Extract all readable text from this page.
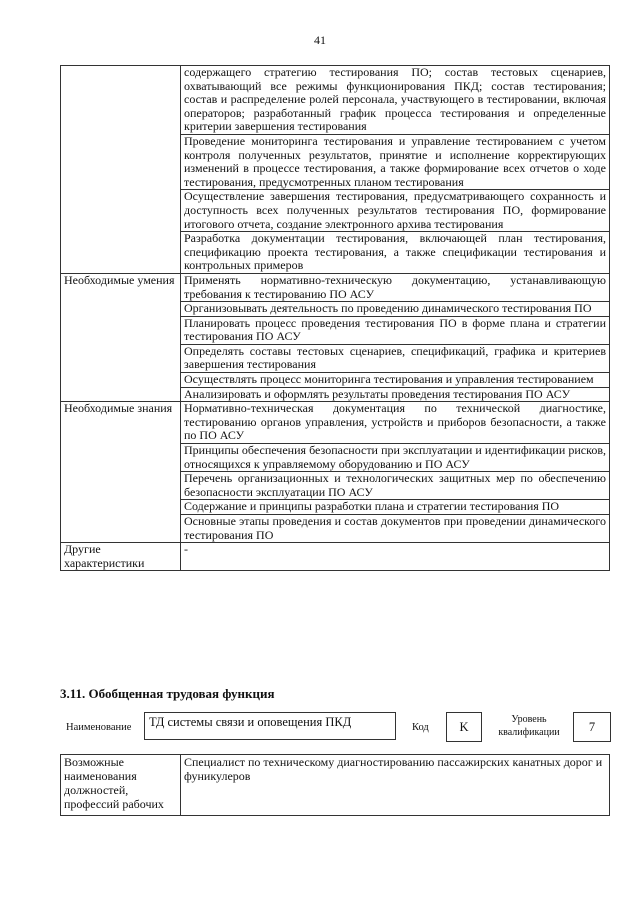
41
	содержащего стратегию тестирования ПО; состав тестовых сценариев, охватывающий все режимы функционирования ПКД; состав тестирования; состав и распределение ролей персонала, участвующего в тестировании, включая операторов; разработанный график процесса тестирования и определенные критерии завершения тестирования
	Проведение мониторинга тестирования и управление тестированием с учетом контроля полученных результатов, принятие и исполнение корректирующих изменений в процессе тестирования, а также формирование всех отчетов о ходе тестирования, предусмотренных планом тестирования
	Осуществление завершения тестирования, предусматривающего сохранность и доступность всех полученных результатов тестирования ПО, формирование итогового отчета, создание электронного архива тестирования
	Разработка документации тестирования, включающей план тестирования, спецификацию проекта тестирования, а также спецификации тестирования и контрольных примеров
Необходимые умения	Применять нормативно-техническую документацию, устанавливающую требования к тестированию ПО АСУ
	Организовывать деятельность по проведению динамического тестирования ПО
	Планировать процесс проведения тестирования ПО в форме плана и стратегии тестирования ПО АСУ
	Определять составы тестовых сценариев, спецификаций, графика и критериев завершения тестирования
	Осуществлять процесс мониторинга тестирования и управления тестированием
	Анализировать и оформлять результаты проведения тестирования ПО АСУ
Необходимые знания	Нормативно-техническая документация по технической диагностике, тестированию органов управления, устройств и приборов безопасности, а также по ПО АСУ
	Принципы обеспечения безопасности при эксплуатации и идентификации рисков, относящихся к управляемому оборудованию и ПО АСУ
	Перечень организационных и технологических защитных мер по обеспечению безопасности эксплуатации ПО АСУ
	Содержание и принципы разработки плана и стратегии тестирования ПО
	Основные этапы проведения и состав документов при проведении динамического тестирования ПО
Другие характеристики	-
3.11. Обобщенная трудовая функция
Наименование	ТД системы связи и оповещения ПКД	Код	K
Уровень квалификации	7
Возможные наименования должностей, профессий рабочих	Специалист по техническому диагностированию пассажирских канатных дорог и фуникулеров
